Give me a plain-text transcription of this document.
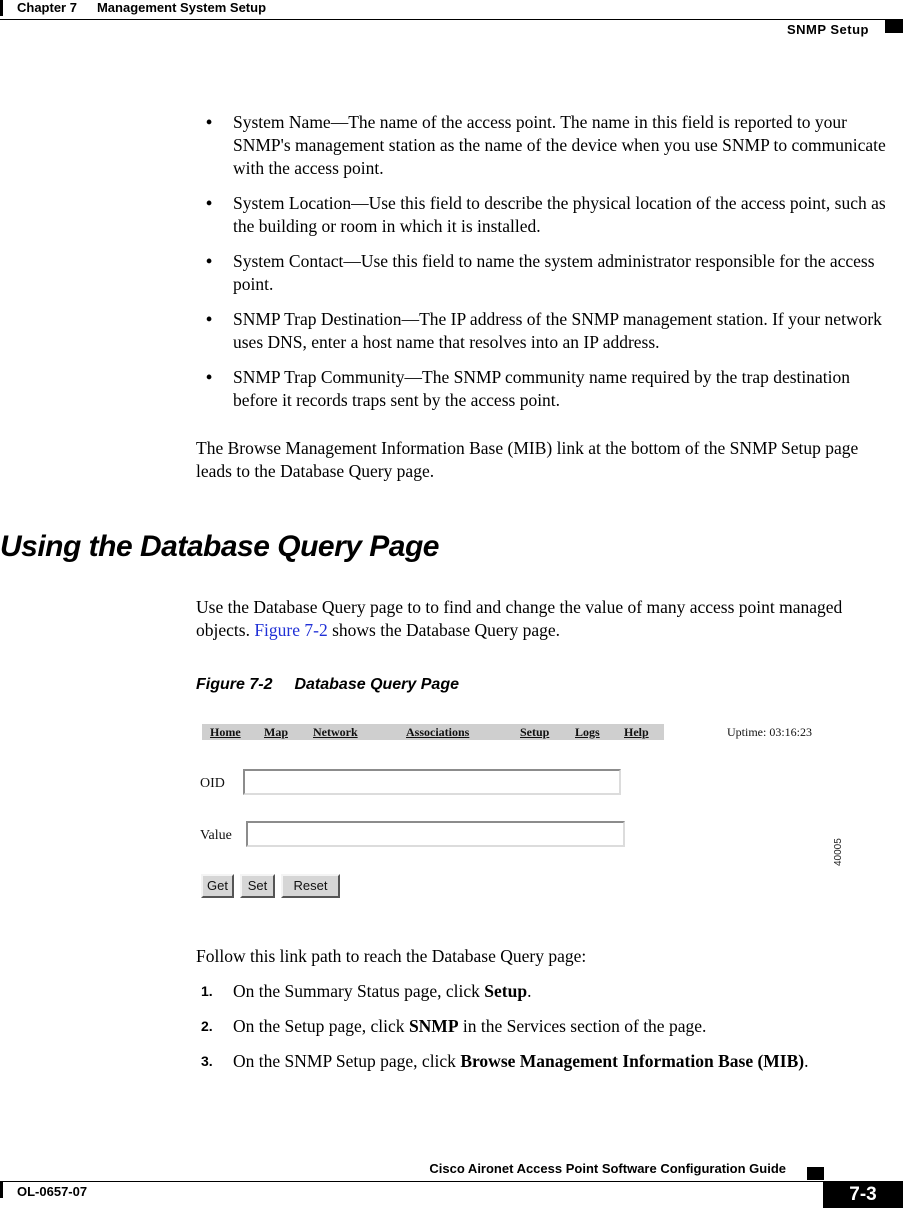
Chapter 7 Management System Setup
SNMP Setup
• System Name—The name of the access point. The name in this field is reported to your SNMP's management station as the name of the device when you use SNMP to communicate with the access point.
• System Location—Use this field to describe the physical location of the access point, such as the building or room in which it is installed.
• System Contact—Use this field to name the system administrator responsible for the access point.
• SNMP Trap Destination—The IP address of the SNMP management station. If your network uses DNS, enter a host name that resolves into an IP address.
• SNMP Trap Community—The SNMP community name required by the trap destination before it records traps sent by the access point.

The Browse Management Information Base (MIB) link at the bottom of the SNMP Setup page leads to the Database Query page.

Using the Database Query Page

Use the Database Query page to to find and change the value of many access point managed objects. Figure 7-2 shows the Database Query page.

Figure 7-2 Database Query Page
Home Map Network	Associations	Setup Logs Help	Uptime: 03:16:23
OID
Value
Get	Set	Reset
40005

Follow this link path to reach the Database Query page:

1. On the Summary Status page, click Setup.
2. On the Setup page, click SNMP in the Services section of the page.
3. On the SNMP Setup page, click Browse Management Information Base (MIB).
Cisco Aironet Access Point Software Configuration Guide
OL-0657-07	7-3
